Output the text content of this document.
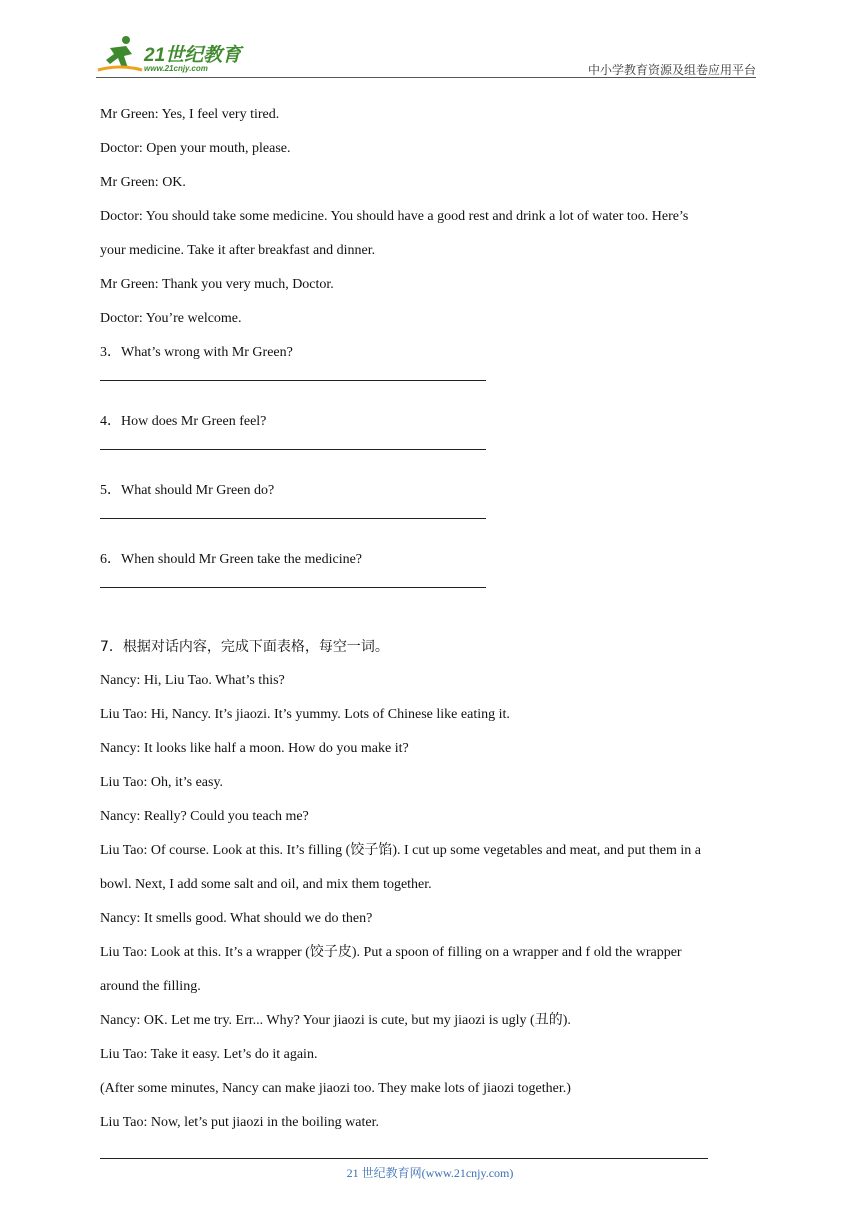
21世纪教育
www.21cnjy.com	中小学教育资源及组卷应用平台
Mr Green: Yes, I feel very tired.
Doctor: Open your mouth, please.
Mr Green: OK.
Doctor: You should take some medicine. You should have a good rest and drink a lot of water too. Here’s
your medicine. Take it after breakfast and dinner.
Mr Green: Thank you very much, Doctor.
Doctor: You’re welcome.
3．What’s wrong with Mr Green?
4．How does Mr Green feel?
5．What should Mr Green do?
6．When should Mr Green take the medicine?
7．根据对话内容，完成下面表格，每空一词。
Nancy: Hi, Liu Tao. What’s this?
Liu Tao: Hi, Nancy. It’s jiaozi. It’s yummy. Lots of Chinese like eating it.
Nancy: It looks like half a moon. How do you make it?
Liu Tao: Oh, it’s easy.
Nancy: Really? Could you teach me?
Liu Tao: Of course. Look at this. It’s filling (饺子馅). I cut up some vegetables and meat, and put them in a
bowl. Next, I add some salt and oil, and mix them together.
Nancy: It smells good. What should we do then?
Liu Tao: Look at this. It’s a wrapper (饺子皮). Put a spoon of filling on a wrapper and f old the wrapper
around the filling.
Nancy: OK. Let me try. Err... Why? Your jiaozi is cute, but my jiaozi is ugly (丑的).
Liu Tao: Take it easy. Let’s do it again.
(After some minutes, Nancy can make jiaozi too. They make lots of jiaozi together.)
Liu Tao: Now, let’s put jiaozi in the boiling water.
21 世纪教育网(www.21cnjy.com)
